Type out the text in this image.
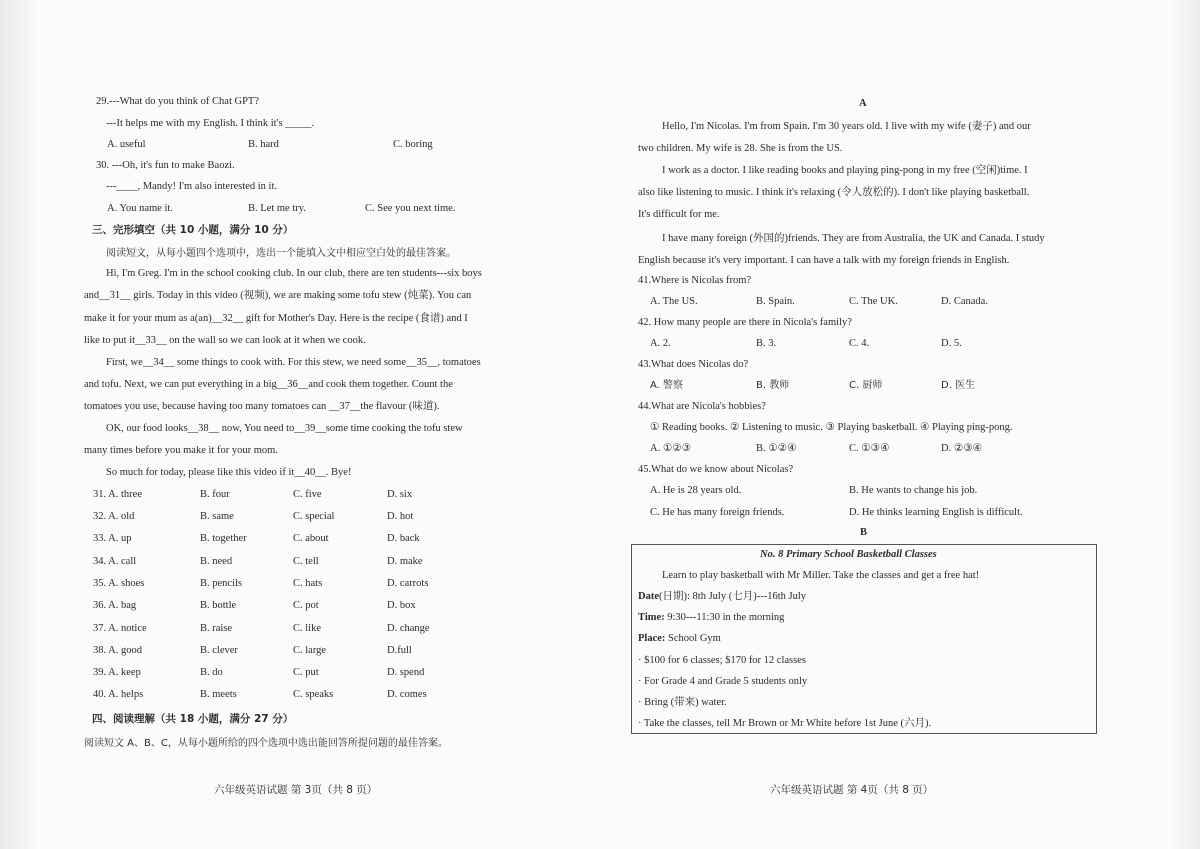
29.---What do you think of Chat GPT?
---It helps me with my English. I think it's _____.
A. useful	B. hard	C. boring
30. ---Oh, it's fun to make Baozi.
---____, Mandy! I'm also interested in it.
A. You name it.	B. Let me try.	C. See you next time.
三、完形填空（共 10 小题，满分 10 分）
阅读短文，从每小题四个选项中，选出一个能填入文中相应空白处的最佳答案。
Hi, I'm Greg. I'm in the school cooking club. In our club, there are ten students---six boys
and__31__ girls. Today in this video (视频), we are making some tofu stew (炖菜). You can
make it for your mum as a(an)__32__ gift for Mother's Day. Here is the recipe (食谱) and I
like to put it__33__ on the wall so we can look at it when we cook.
First, we__34__ some things to cook with. For this stew, we need some__35__, tomatoes
and tofu. Next, we can put everything in a big__36__and cook them together. Count the
tomatoes you use, because having too many tomatoes can __37__the flavour (味道).
OK, our food looks__38__ now, You need to__39__some time cooking the tofu stew
many times before you make it for your mom.
So much for today, please like this video if it__40__. Bye!
31. A. three	B. four	C. five	D. six
32. A. old	B. same	C. special	D. hot
33. A. up	B. together	C. about	D. back
34. A. call	B. need	C. tell	D. make
35. A. shoes	B. pencils	C. hats	D. carrots
36. A. bag	B. bottle	C. pot	D. box
37. A. notice	B. raise	C. like	D. change
38. A. good	B. clever	C. large	D.full
39. A. keep	B. do	C. put	D. spend
40. A. helps	B. meets	C. speaks	D. comes
四、阅读理解（共 18 小题，满分 27 分）
阅读短文 A、B、C，从每小题所给的四个选项中选出能回答所提问题的最佳答案。
六年级英语试题 第 3页（共 8 页）
A
Hello, I'm Nicolas. I'm from Spain. I'm 30 years old. I live with my wife (妻子) and our
two children. My wife is 28. She is from the US.
I work as a doctor. I like reading books and playing ping-pong in my free (空闲)time. I
also like listening to music. I think it's relaxing (令人放松的). I don't like playing basketball.
It's difficult for me.
I have many foreign (外国的)friends. They are from Australia, the UK and Canada. I study
English because it's very important. I can have a talk with my foreign friends in English.
41.Where is Nicolas from?
A. The US.	B. Spain.	C. The UK.	D. Canada.
42. How many people are there in Nicola's family?
A. 2.	B. 3.	C. 4.	D. 5.
43.What does Nicolas do?
A. 警察	B. 教师	C. 厨师	D. 医生
44.What are Nicola's hobbies?
① Reading books. ② Listening to music. ③ Playing basketball. ④ Playing ping-pong.
A. ①②③	B. ①②④	C. ①③④	D. ②③④
45.What do we know about Nicolas?
A. He is 28 years old.	B. He wants to change his job.
C. He has many foreign friends.	D. He thinks learning English is difficult.
B
No. 8 Primary School Basketball Classes
Learn to play basketball with Mr Miller. Take the classes and get a free hat!
Date(日期): 8th July (七月)---16th July
Time: 9:30---11:30 in the morning
Place: School Gym
· $100 for 6 classes; $170 for 12 classes
· For Grade 4 and Grade 5 students only
· Bring (带来) water.
· Take the classes, tell Mr Brown or Mr White before 1st June (六月).
六年级英语试题 第 4页（共 8 页）
